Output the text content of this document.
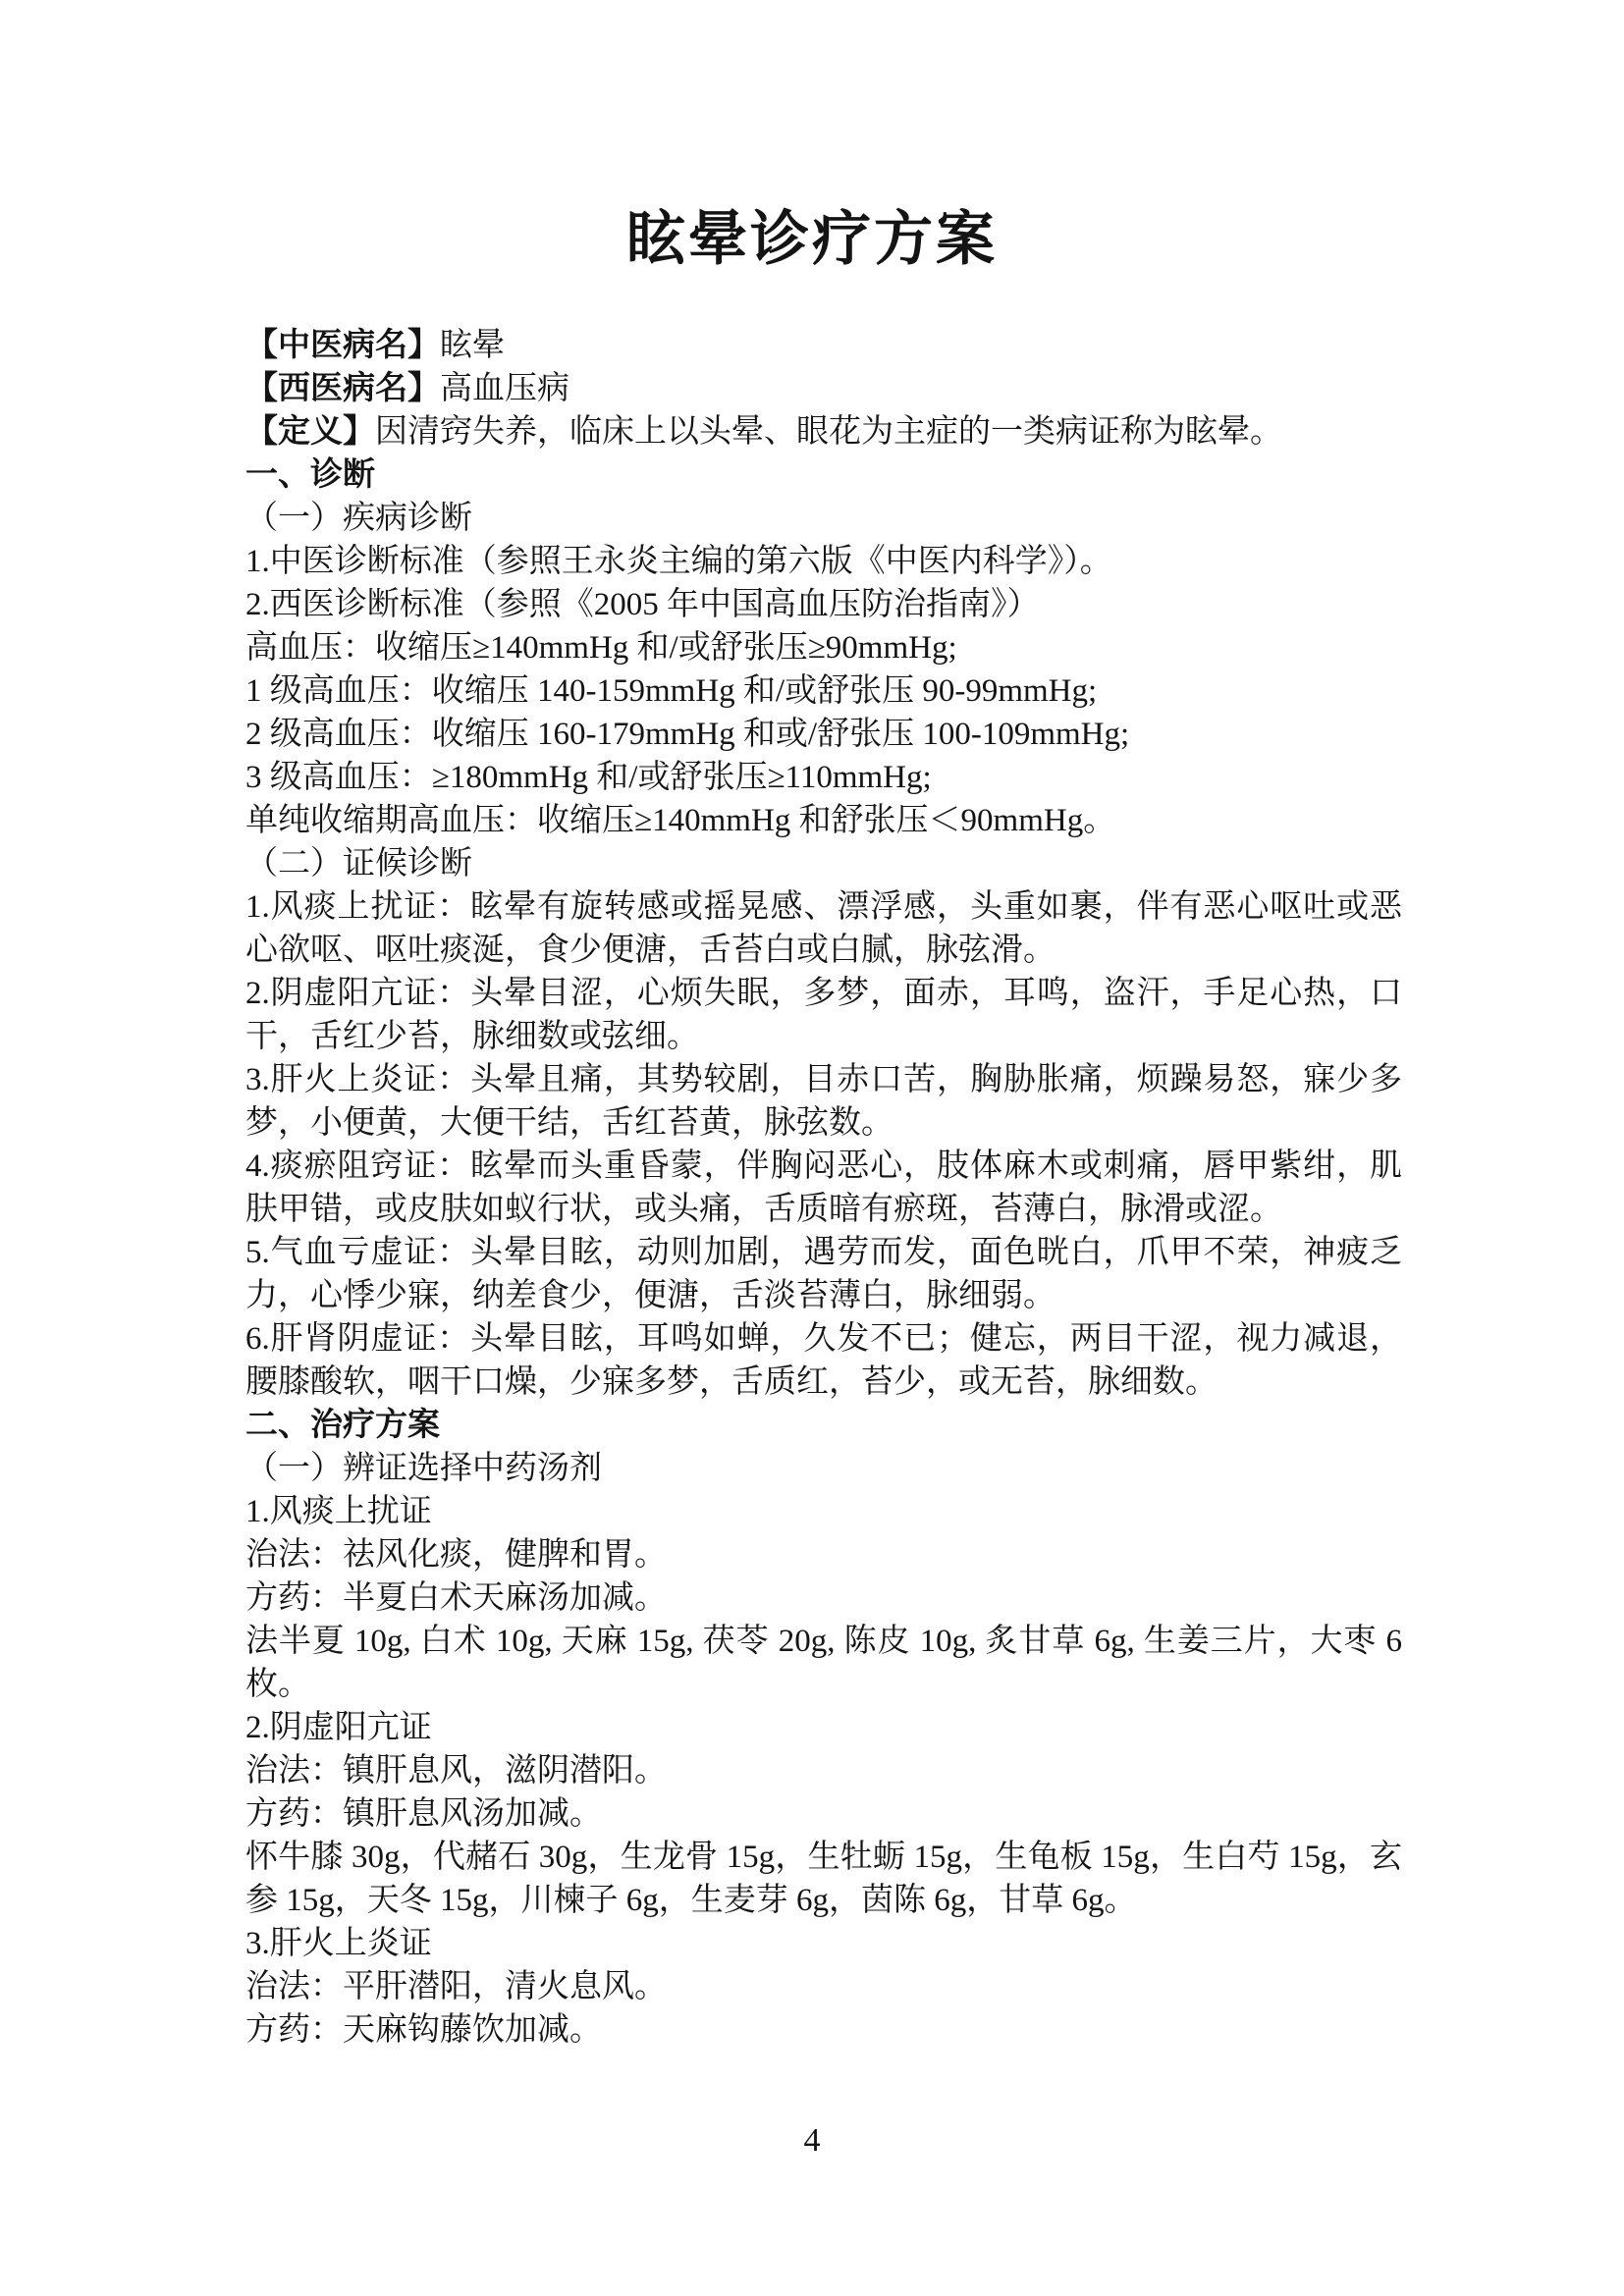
眩晕诊疗方案

【中医病名】眩晕

【西医病名】高血压病

【定义】因清窍失养，临床上以头晕、眼花为主症的一类病证称为眩晕。

一、诊断

（一）疾病诊断

1.中医诊断标准（参照王永炎主编的第六版《中医内科学》）。

2.西医诊断标准（参照《2005 年中国高血压防治指南》）

高血压：收缩压≥140mmHg 和/或舒张压≥90mmHg;

1 级高血压：收缩压 140-159mmHg 和/或舒张压 90-99mmHg;

2 级高血压：收缩压 160-179mmHg 和或/舒张压 100-109mmHg;

3 级高血压：≥180mmHg 和/或舒张压≥110mmHg;

单纯收缩期高血压：收缩压≥140mmHg 和舒张压＜90mmHg。

（二）证候诊断

1.风痰上扰证：眩晕有旋转感或摇晃感、漂浮感，头重如裹，伴有恶心呕吐或恶心欲呕、呕吐痰涎，食少便溏，舌苔白或白腻，脉弦滑。

2.阴虚阳亢证：头晕目涩，心烦失眠，多梦，面赤，耳鸣，盗汗，手足心热，口干，舌红少苔，脉细数或弦细。

3.肝火上炎证：头晕且痛，其势较剧，目赤口苦，胸胁胀痛，烦躁易怒，寐少多梦，小便黄，大便干结，舌红苔黄，脉弦数。

4.痰瘀阻窍证：眩晕而头重昏蒙，伴胸闷恶心，肢体麻木或刺痛，唇甲紫绀，肌肤甲错，或皮肤如蚁行状，或头痛，舌质暗有瘀斑，苔薄白，脉滑或涩。

5.气血亏虚证：头晕目眩，动则加剧，遇劳而发，面色晄白，爪甲不荣，神疲乏力，心悸少寐，纳差食少，便溏，舌淡苔薄白，脉细弱。

6.肝肾阴虚证：头晕目眩，耳鸣如蝉，久发不已；健忘，两目干涩，视力减退，腰膝酸软，咽干口燥，少寐多梦，舌质红，苔少，或无苔，脉细数。

二、治疗方案

（一）辨证选择中药汤剂

1.风痰上扰证

治法：祛风化痰，健脾和胃。

方药：半夏白术天麻汤加减。

法半夏 10g, 白术 10g, 天麻 15g, 茯苓 20g, 陈皮 10g, 炙甘草 6g, 生姜三片，大枣 6枚。

2.阴虚阳亢证

治法：镇肝息风，滋阴潜阳。

方药：镇肝息风汤加减。

怀牛膝 30g，代赭石 30g，生龙骨 15g，生牡蛎 15g，生龟板 15g，生白芍 15g，玄参 15g，天冬 15g，川楝子 6g，生麦芽 6g，茵陈 6g，甘草 6g。

3.肝火上炎证

治法：平肝潜阳，清火息风。

方药：天麻钩藤饮加减。

4
